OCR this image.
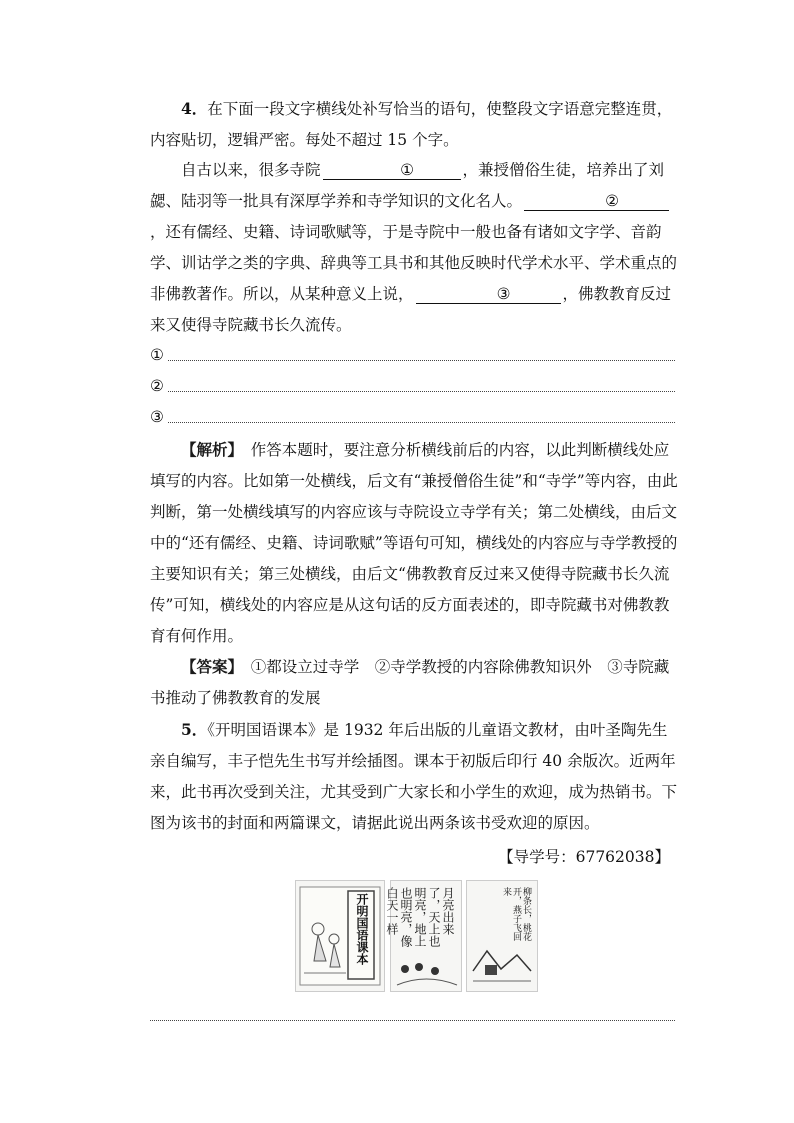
4．在下面一段文字横线处补写恰当的语句，使整段文字语意完整连贯，内容贴切，逻辑严密。每处不超过 15 个字。

自古以来，很多寺院	①	，兼授僧俗生徒，培养出了刘勰、陆羽等一批具有深厚学养和寺学知识的文化名人。	②，还有儒经、史籍、诗词歌赋等，于是寺院中一般也备有诸如文字学、音韵学、训诂学之类的字典、辞典等工具书和其他反映时代学术水平、学术重点的非佛教著作。所以，从某种意义上说，	③	，佛教教育反过来又使得寺院藏书长久流传。

①
②
③

【解析】　 作答本题时，要注意分析横线前后的内容，以此判断横线处应填写的内容。比如第一处横线，后文有“兼授僧俗生徒”和“寺学”等内容，由此判断，第一处横线填写的内容应该与寺院设立寺学有关；第二处横线，由后文中的“还有儒经、史籍、诗词歌赋”等语句可知，横线处的内容应与寺学教授的主要知识有关；第三处横线，由后文“佛教教育反过来又使得寺院藏书长久流传”可知，横线处的内容应是从这句话的反方面表述的，即寺院藏书对佛教教育有何作用。

【答案】　 ①都设立过寺学　②寺学教授的内容除佛教知识外　③寺院藏书推动了佛教教育的发展

5．《开明国语课本》是 1932 年后出版的儿童语文教材，由叶圣陶先生亲自编写，丰子恺先生书写并绘插图。课本于初版后印行 40 余版次。近两年来，此书再次受到关注，尤其受到广大家长和小学生的欢迎，成为热销书。下图为该书的封面和两篇课文，请据此说出两条该书受欢迎的原因。

【导学号：67762038】
开明国语课本	月亮出来了，天上也明亮，地上也明亮，像白天一样	柳条长，桃花开，燕子飞回来
